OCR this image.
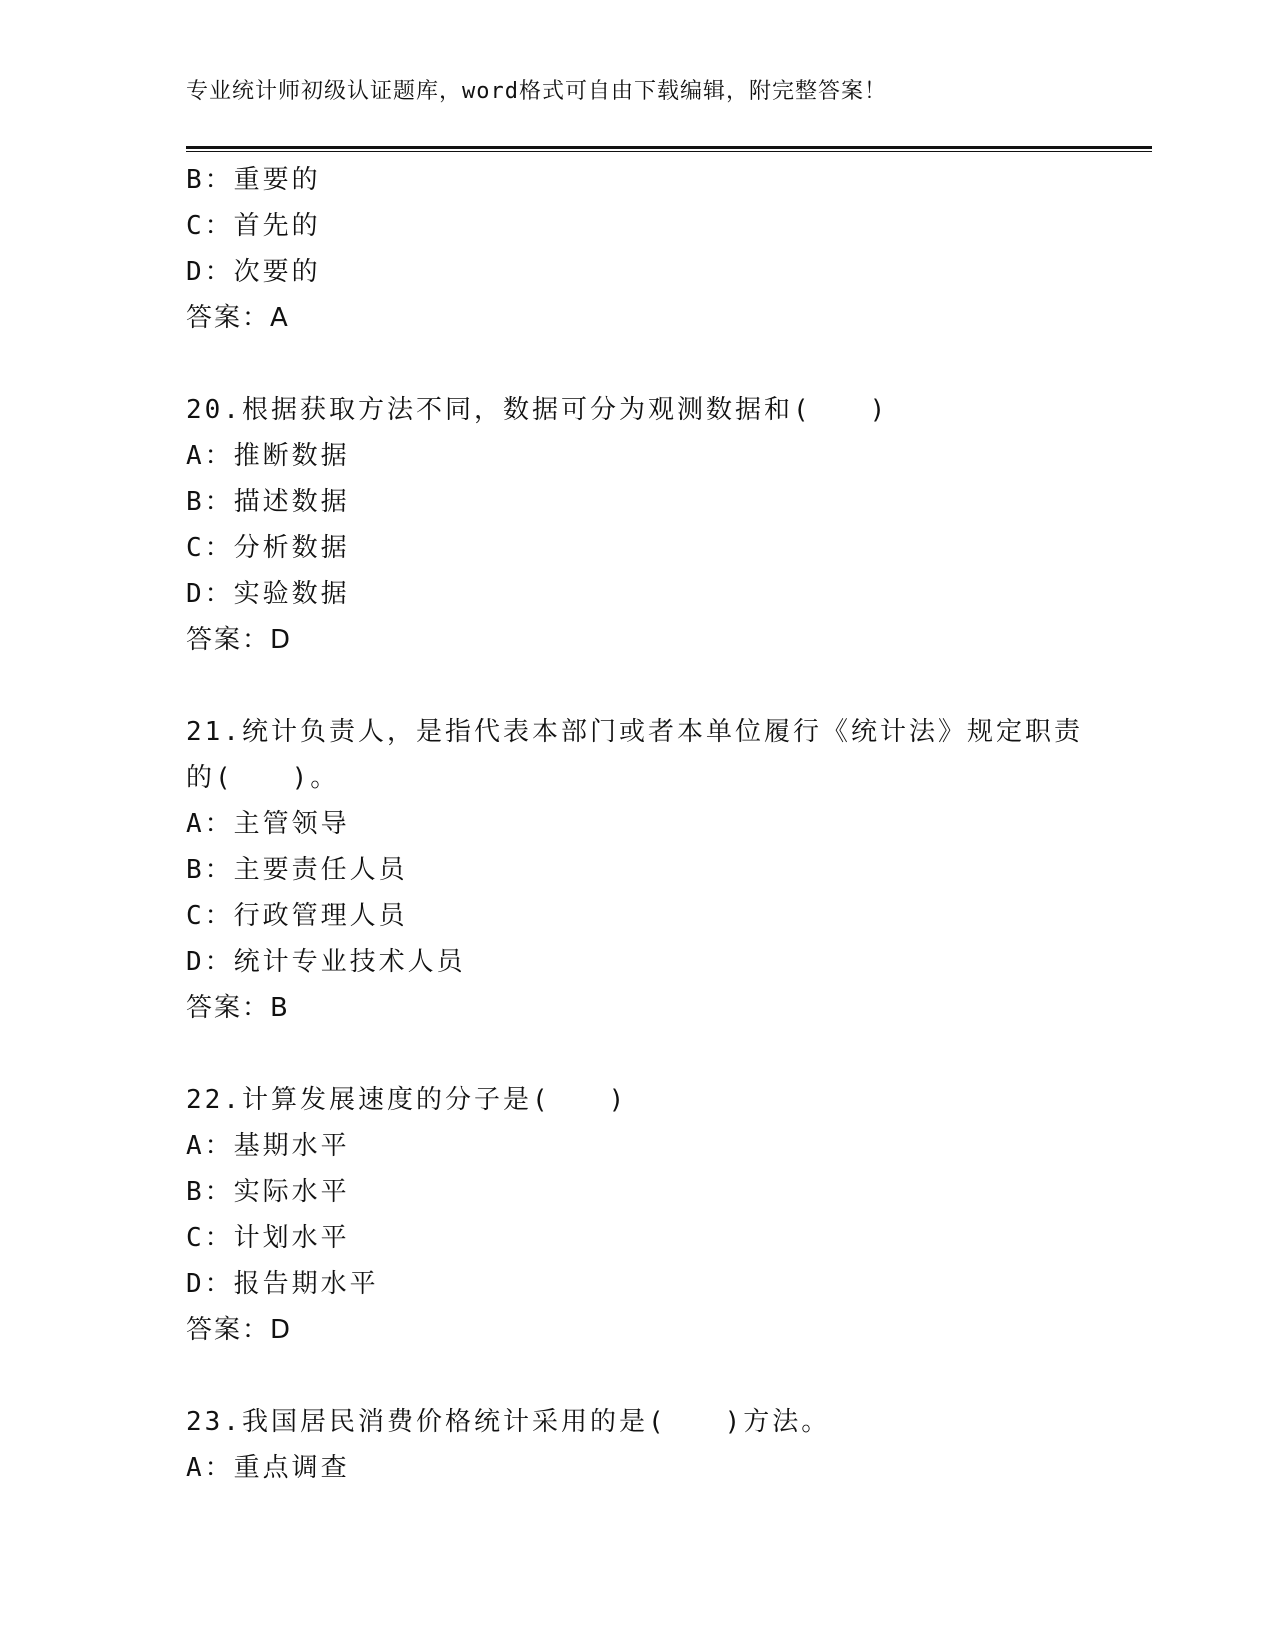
专业统计师初级认证题库，word格式可自由下载编辑，附完整答案！
B：重要的
C：首先的
D：次要的
答案：A
20.根据获取方法不同，数据可分为观测数据和(　　)
A：推断数据
B：描述数据
C：分析数据
D：实验数据
答案：D
21.统计负责人，是指代表本部门或者本单位履行《统计法》规定职责
的(　　)。
A：主管领导
B：主要责任人员
C：行政管理人员
D：统计专业技术人员
答案：B
22.计算发展速度的分子是(　　)
A：基期水平
B：实际水平
C：计划水平
D：报告期水平
答案：D
23.我国居民消费价格统计采用的是(　　)方法。
A：重点调查
